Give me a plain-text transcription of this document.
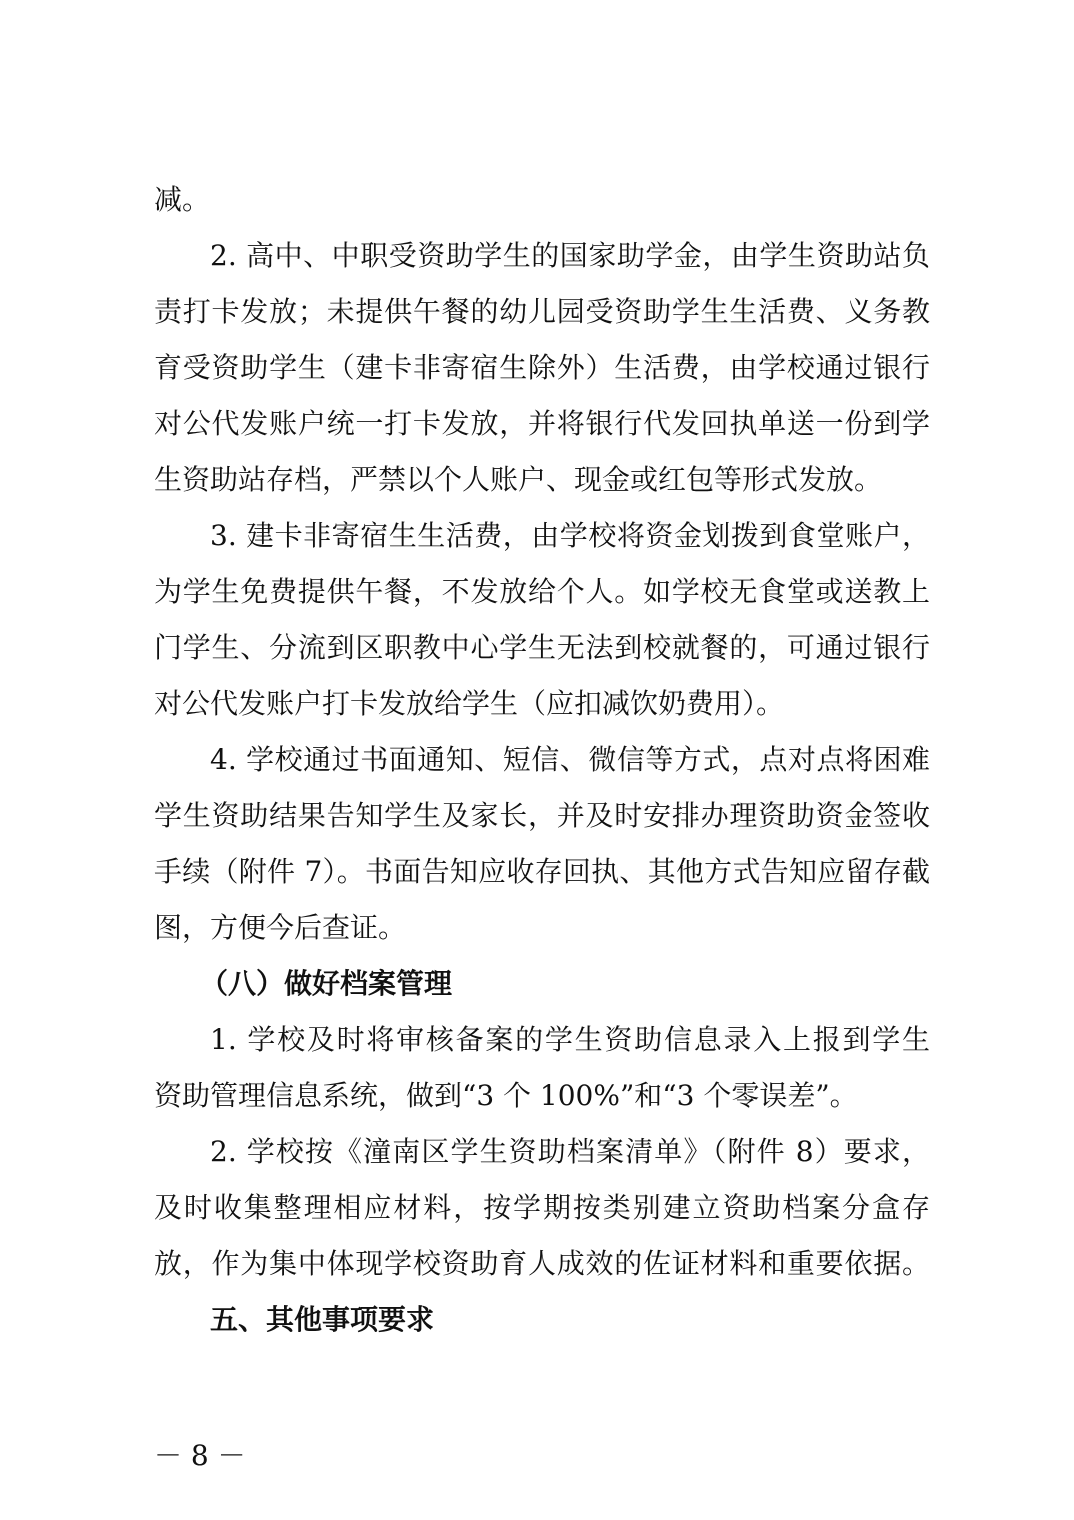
减。
2. 高中、中职受资助学生的国家助学金，由学生资助站负
责打卡发放；未提供午餐的幼儿园受资助学生生活费、义务教
育受资助学生（建卡非寄宿生除外）生活费，由学校通过银行
对公代发账户统一打卡发放，并将银行代发回执单送一份到学
生资助站存档，严禁以个人账户、现金或红包等形式发放。
3. 建卡非寄宿生生活费，由学校将资金划拨到食堂账户，
为学生免费提供午餐，不发放给个人。如学校无食堂或送教上
门学生、分流到区职教中心学生无法到校就餐的，可通过银行
对公代发账户打卡发放给学生（应扣减饮奶费用）。
4. 学校通过书面通知、短信、微信等方式，点对点将困难
学生资助结果告知学生及家长，并及时安排办理资助资金签收
手续（附件 7）。书面告知应收存回执、其他方式告知应留存截
图，方便今后查证。
（八）做好档案管理
1. 学校及时将审核备案的学生资助信息录入上报到学生
资助管理信息系统，做到“3 个 100%”和“3 个零误差”。
2. 学校按《潼南区学生资助档案清单》（附件 8）要求，
及时收集整理相应材料，按学期按类别建立资助档案分盒存
放，作为集中体现学校资助育人成效的佐证材料和重要依据。
五、其他事项要求
－ 8 －
